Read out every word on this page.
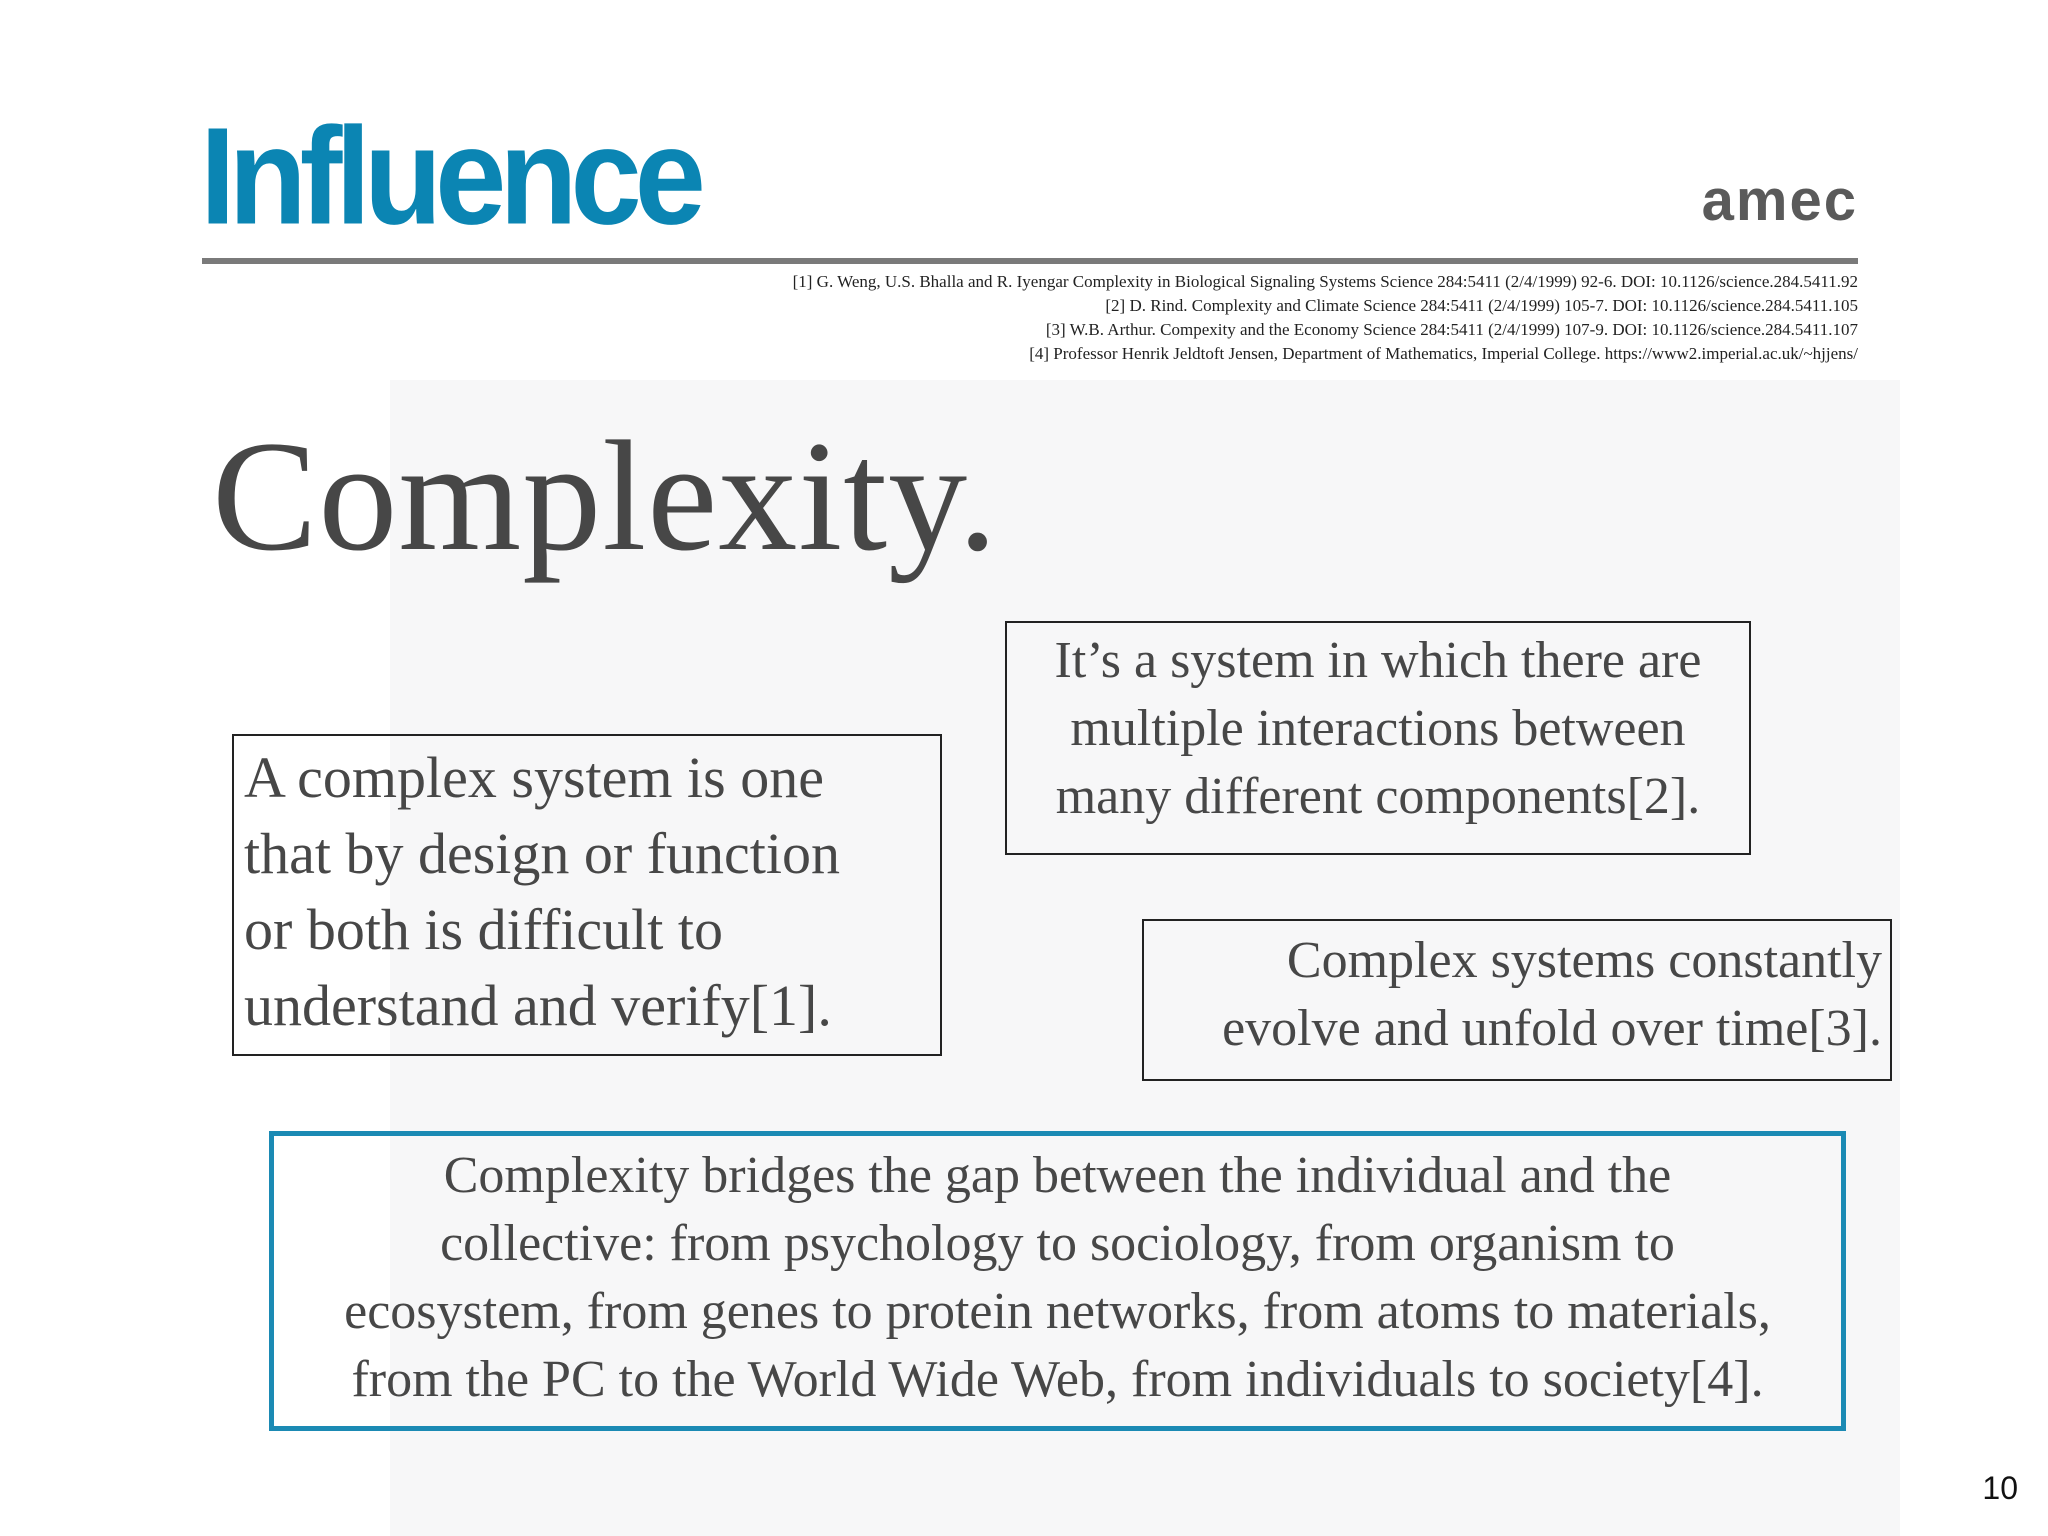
Influence	amec
[1] G. Weng, U.S. Bhalla and R. Iyengar Complexity in Biological Signaling Systems Science 284:5411 (2/4/1999) 92-6. DOI: 10.1126/science.284.5411.92
[2] D. Rind. Complexity and Climate Science 284:5411 (2/4/1999) 105-7. DOI: 10.1126/science.284.5411.105
[3] W.B. Arthur. Compexity and the Economy Science 284:5411 (2/4/1999) 107-9. DOI: 10.1126/science.284.5411.107
[4] Professor Henrik Jeldtoft Jensen, Department of Mathematics, Imperial College. https://www2.imperial.ac.uk/~hjjens/
Complexity.
A complex system is one
that by design or function
or both is difficult to
understand and verify[1].
It’s a system in which there are
multiple interactions between
many different components[2].
Complex systems constantly
evolve and unfold over time[3].
Complexity bridges the gap between the individual and the
collective: from psychology to sociology, from organism to
ecosystem, from genes to protein networks, from atoms to materials,
from the PC to the World Wide Web, from individuals to society[4].
10
